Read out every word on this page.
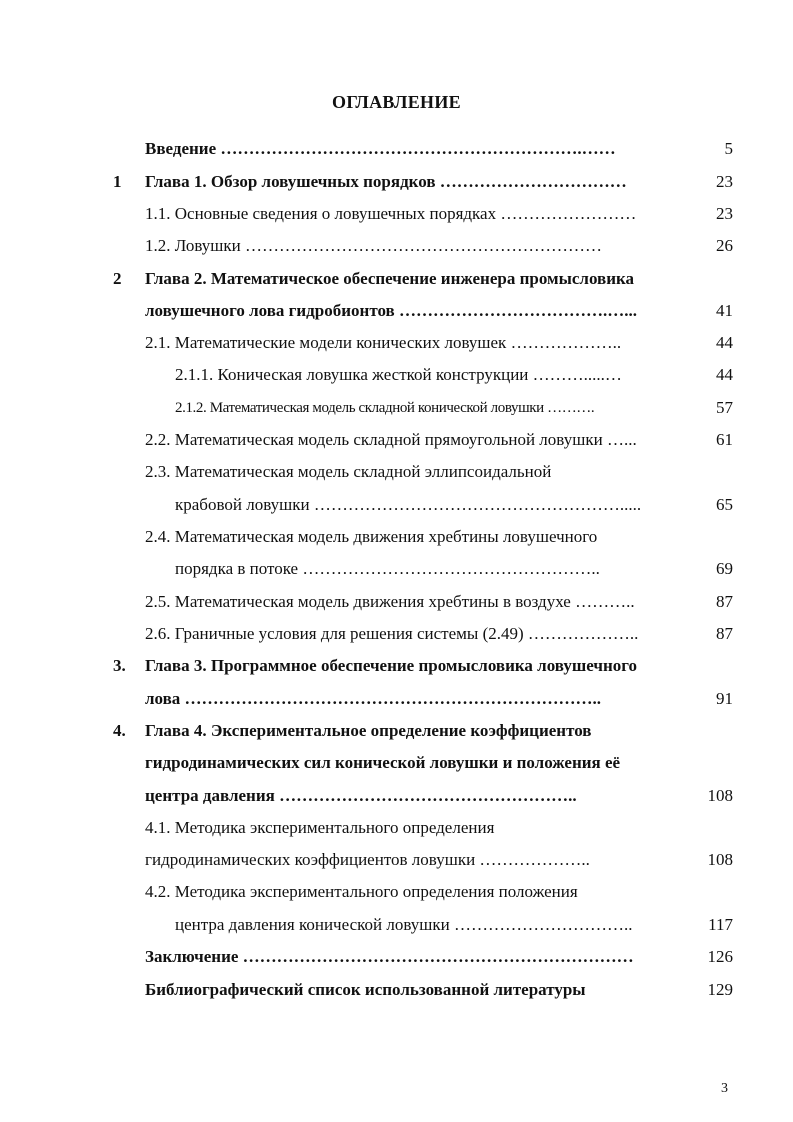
ОГЛАВЛЕНИЕ
Введение ……………………………………………………….……	5
1 Глава 1. Обзор ловушечных порядков ……………………………	23
1.1. Основные сведения о ловушечных порядках ……………………	23
1.2. Ловушки ………………………………………………………	26
2 Глава 2. Математическое обеспечение инженера промысловика
ловушечного лова гидробионтов ……………………………….…...	41
2.1. Математические модели конических ловушек ………………..	44
2.1.1. Коническая ловушка жесткой конструкции ……….....…	44
2.1.2. Математическая модель складной конической ловушки ……….	57
2.2. Математическая модель складной прямоугольной ловушки …...	61
2.3. Математическая модель складной эллипсоидальной
крабовой ловушки ……………………………………………….....	65
2.4. Математическая модель движения хребтины ловушечного
порядка в потоке ……………………………………………..	69
2.5. Математическая модель движения хребтины в воздухе ………..	87
2.6. Граничные условия для решения системы (2.49) ………………..	87
3. Глава 3. Программное обеспечение промысловика ловушечного
лова ………………………………………………………………..	91
4. Глава 4. Экспериментальное определение коэффициентов
гидродинамических сил конической ловушки и положения её
центра давления ……………………………………………..	108
4.1. Методика экспериментального определения
гидродинамических коэффициентов ловушки ………………..	108
4.2. Методика экспериментального определения положения
центра давления конической ловушки …………………………..	117
Заключение ……………………………………………………………	126
Библиографический список использованной литературы	129
3
